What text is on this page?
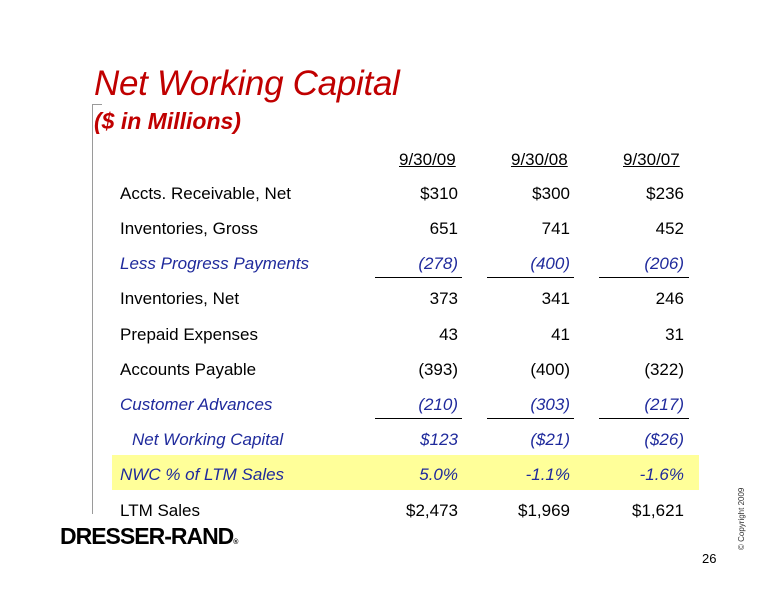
Net Working Capital
($ in Millions)
9/30/09	9/30/08	9/30/07
Accts. Receivable, Net	$310	$300	$236
Inventories, Gross	651	741	452
Less Progress Payments	(278)	(400)	(206)
Inventories, Net	373	341	246
Prepaid Expenses	43	41	31
Accounts Payable	(393)	(400)	(322)
Customer Advances	(210)	(303)	(217)
Net Working Capital	$123	($21)	($26)
NWC % of LTM Sales	5.0%	-1.1%	-1.6%
LTM Sales	$2,473	$1,969	$1,621
DRESSER-RAND®	© Copyright 2009
26
